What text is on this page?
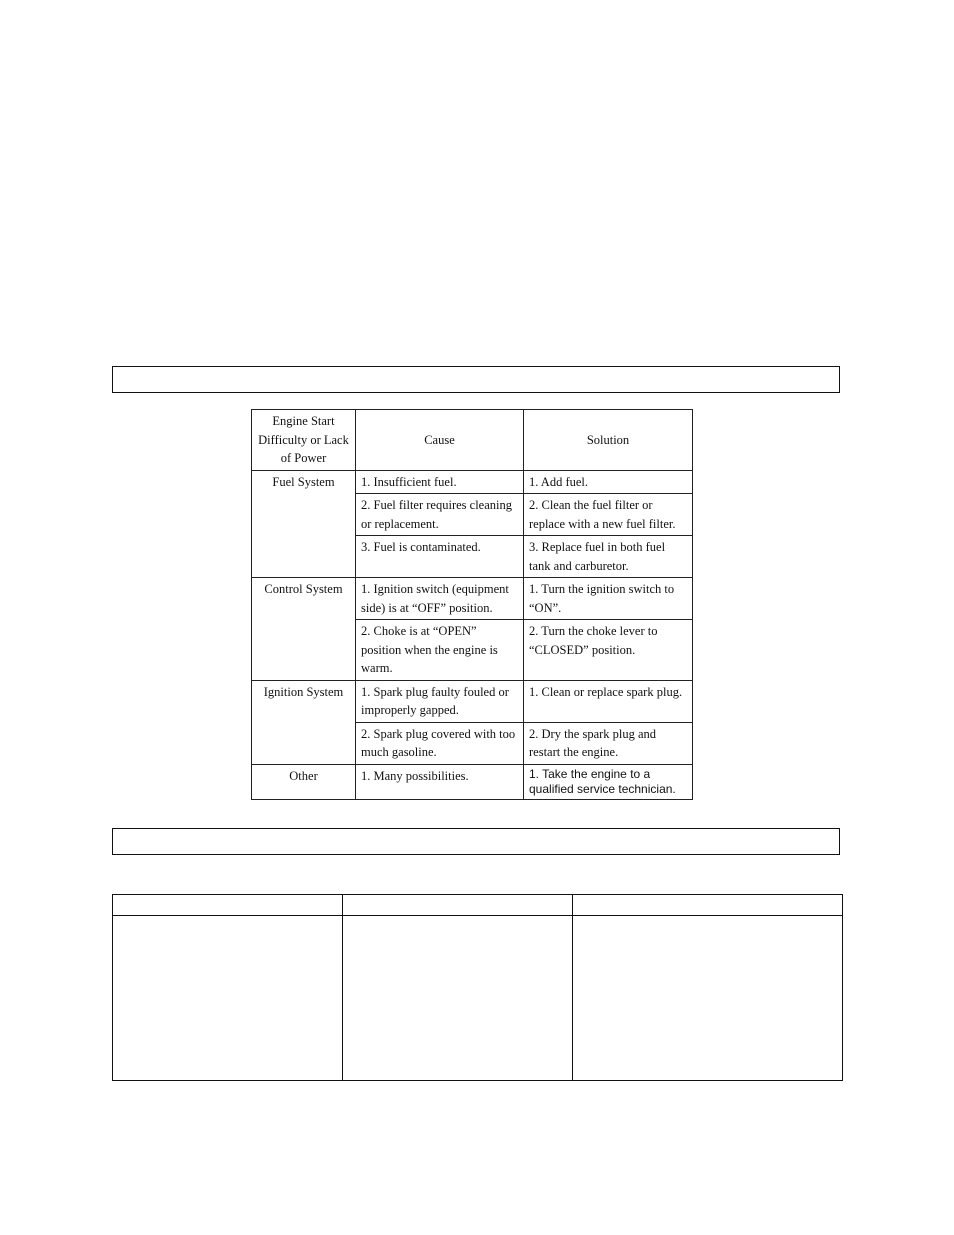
Engine Start Difficulty or Lack of Power	Cause	Solution
Fuel System	1. Insufficient fuel.	1. Add fuel.
	2. Fuel filter requires cleaning or replacement.	2. Clean the fuel filter or replace with a new fuel filter.
	3. Fuel is contaminated.	3. Replace fuel in both fuel tank and carburetor.
Control System	1. Ignition switch (equipment side) is at “OFF” position.	1. Turn the ignition switch to “ON”.
	2. Choke is at “OPEN” position when the engine is warm.	2. Turn the choke lever to “CLOSED” position.
Ignition System	1. Spark plug faulty fouled or improperly gapped.	1. Clean or replace spark plug.
	2. Spark plug covered with too much gasoline.	2. Dry the spark plug and restart the engine.
Other	1. Many possibilities.	1. Take the engine to a qualified service technician.
